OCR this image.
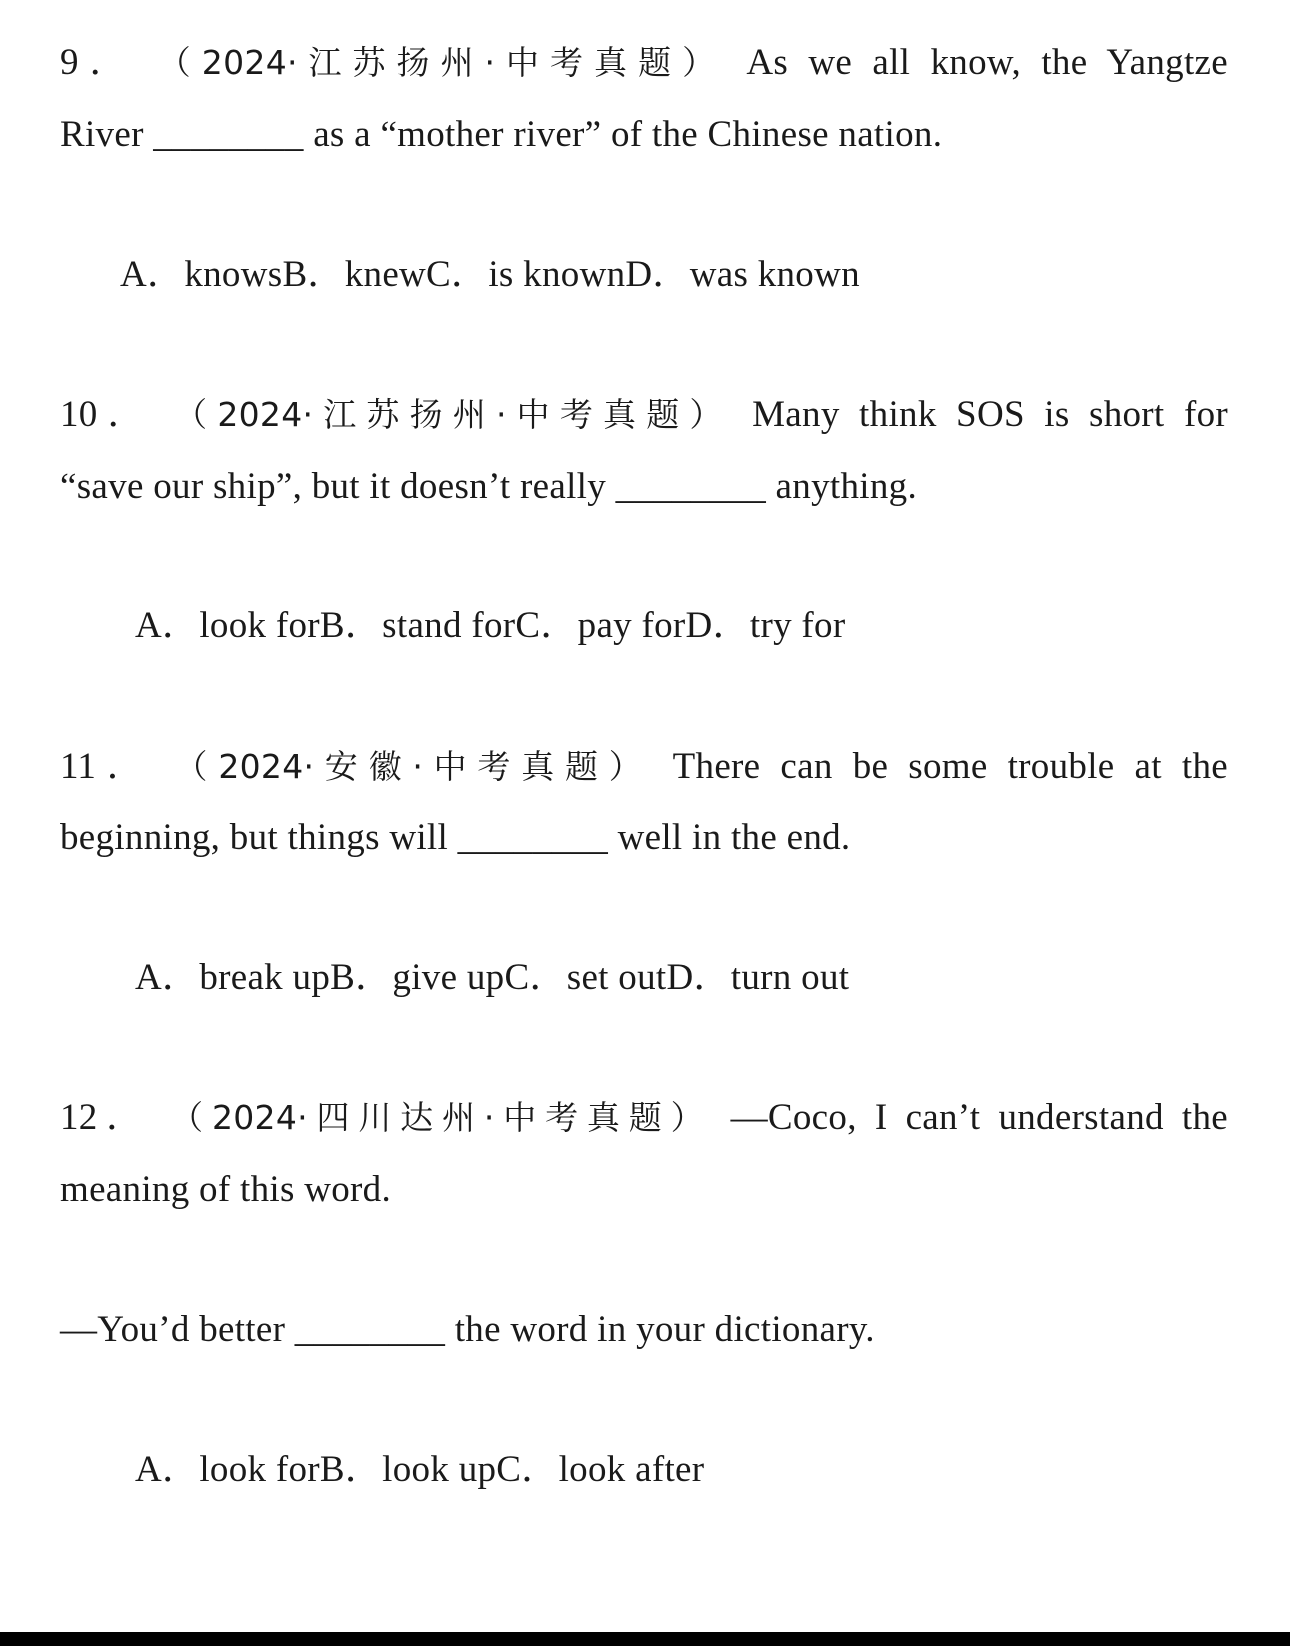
9． （2024·江苏扬州·中考真题） As we all know, the Yangtze
River ________ as a “mother river” of the Chinese nation.
A．knowsB．knewC．is knownD．was known
10． （2024·江苏扬州·中考真题） Many think SOS is short for
“save our ship”, but it doesn’t really ________ anything.
A．look forB．stand forC．pay forD．try for
11． （2024·安徽·中考真题） There can be some trouble at the
beginning, but things will ________ well in the end.
A．break upB．give upC．set outD．turn out
12． （2024·四川达州·中考真题） —Coco, I can’t understand the
meaning of this word.
—You’d better ________ the word in your dictionary.
A．look forB．look upC．look after
